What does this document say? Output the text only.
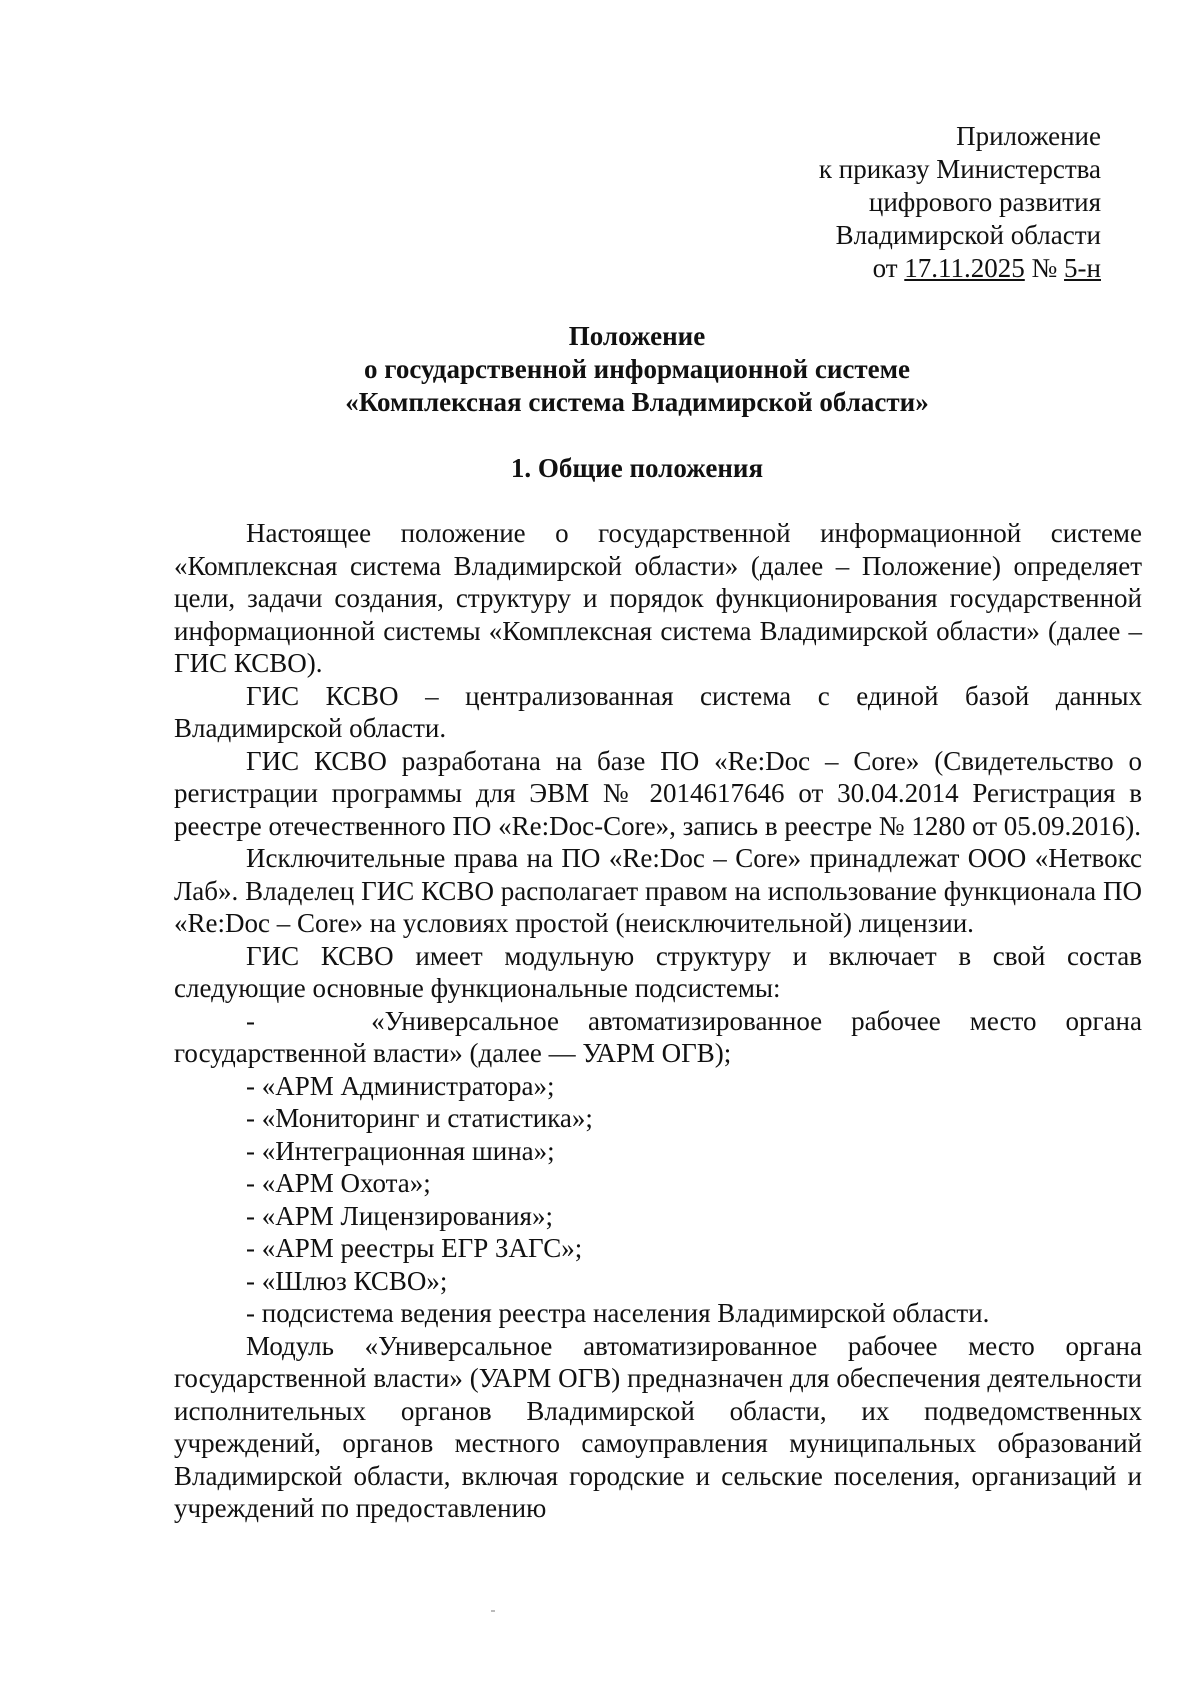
Приложение
к приказу Министерства
цифрового развития
Владимирской области
от 17.11.2025 № 5-н
Положение
о государственной информационной системе
«Комплексная система Владимирской области»
1. Общие положения

Настоящее положение о государственной информационной системе «Комплексная система Владимирской области» (далее – Положение) определяет цели, задачи создания, структуру и порядок функционирования государственной информационной системы «Комплексная система Владимирской области» (далее – ГИС КСВО).

ГИС КСВО – централизованная система с единой базой данных Владимирской области.

ГИС КСВО разработана на базе ПО «Re:Doc – Core» (Свидетельство о регистрации программы для ЭВМ № 2014617646 от 30.04.2014 Регистрация в реестре отечественного ПО «Re:Doc-Core», запись в реестре № 1280 от 05.09.2016).

Исключительные права на ПО «Re:Doc – Core» принадлежат ООО «Нетвокс Лаб». Владелец ГИС КСВО располагает правом на использование функционала ПО «Re:Doc – Core» на условиях простой (неисключительной) лицензии.

ГИС КСВО имеет модульную структуру и включает в свой состав следующие основные функциональные подсистемы:

-    «Универсальное автоматизированное рабочее место органа государственной власти» (далее — УАРМ ОГВ);
- «АРМ Администратора»;
- «Мониторинг и статистика»;
- «Интеграционная шина»;
- «АРМ Охота»;
- «АРМ Лицензирования»;
- «АРМ реестры ЕГР ЗАГС»;
- «Шлюз КСВО»;
- подсистема ведения реестра населения Владимирской области.

Модуль «Универсальное автоматизированное рабочее место органа государственной власти» (УАРМ ОГВ) предназначен для обеспечения деятельности исполнительных органов Владимирской области, их подведомственных учреждений, органов местного самоуправления муниципальных образований Владимирской области, включая городские и сельские поселения, организаций и учреждений по предоставлению
